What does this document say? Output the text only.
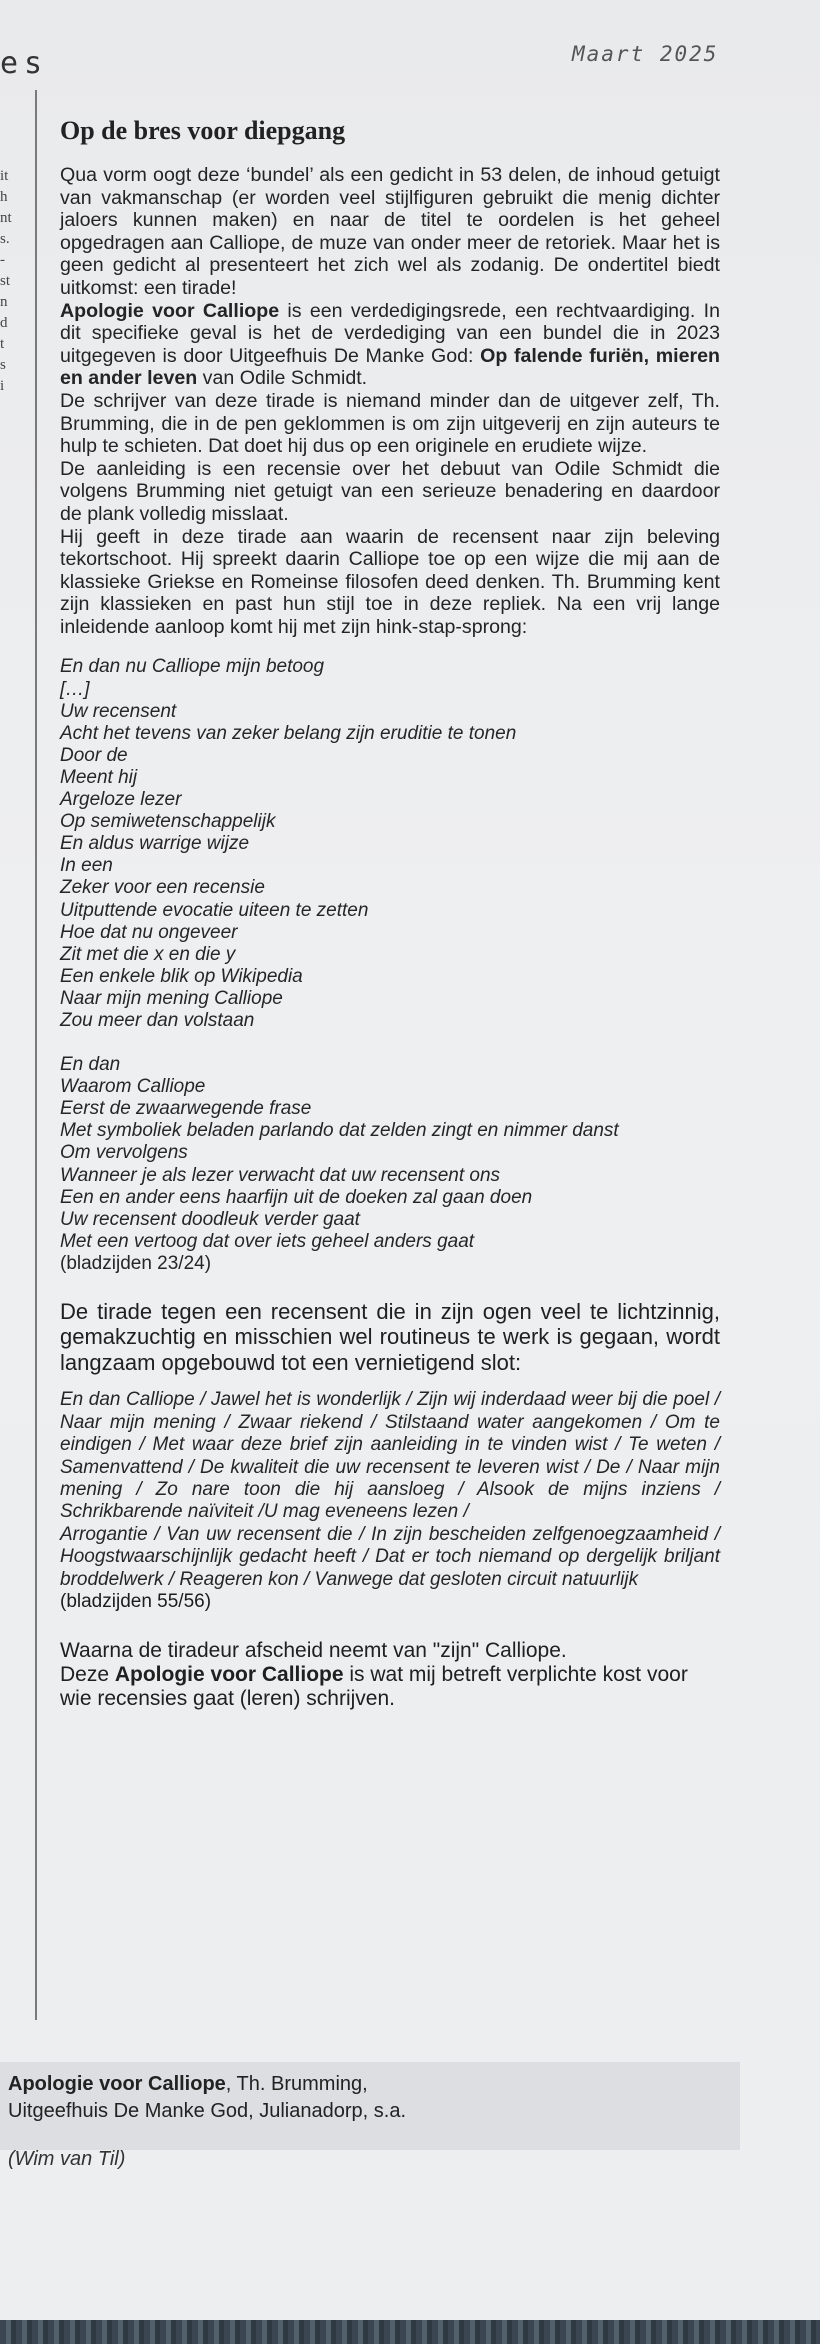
es	Maart 2025
it
h
nt
s.
-
st
n
d
t
s
i
Op de bres voor diepgang

Qua vorm oogt deze ‘bundel’ als een gedicht in 53 delen, de inhoud getuigt van vakmanschap (er worden veel stijlfiguren gebruikt die menig dichter jaloers kunnen maken) en naar de titel te oordelen is het geheel opgedragen aan Calliope, de muze van onder meer de retoriek. Maar het is geen gedicht al presenteert het zich wel als zodanig. De ondertitel biedt uitkomst: een tirade!

Apologie voor Calliope is een verdedigingsrede, een rechtvaardiging. In dit specifieke geval is het de verdediging van een bundel die in 2023 uitgegeven is door Uitgeefhuis De Manke God: Op falende furiën, mieren en ander leven van Odile Schmidt.

De schrijver van deze tirade is niemand minder dan de uitgever zelf, Th. Brumming, die in de pen geklommen is om zijn uitgeverij en zijn auteurs te hulp te schieten. Dat doet hij dus op een originele en erudiete wijze.

De aanleiding is een recensie over het debuut van Odile Schmidt die volgens Brumming niet getuigt van een serieuze benadering en daardoor de plank volledig misslaat.

Hij geeft in deze tirade aan waarin de recensent naar zijn beleving tekortschoot. Hij spreekt daarin Calliope toe op een wijze die mij aan de klassieke Griekse en Romeinse filosofen deed denken. Th. Brumming kent zijn klassieken en past hun stijl toe in deze repliek. Na een vrij lange inleidende aanloop komt hij met zijn hink-stap-sprong:

En dan nu Calliope mijn betoog
[…]
Uw recensent
Acht het tevens van zeker belang zijn eruditie te tonen
Door de
Meent hij
Argeloze lezer
Op semiwetenschappelijk
En aldus warrige wijze
In een
Zeker voor een recensie
Uitputtende evocatie uiteen te zetten
Hoe dat nu ongeveer
Zit met die x en die y
Een enkele blik op Wikipedia
Naar mijn mening Calliope
Zou meer dan volstaan
En dan
Waarom Calliope
Eerst de zwaarwegende frase
Met symboliek beladen parlando dat zelden zingt en nimmer danst
Om vervolgens
Wanneer je als lezer verwacht dat uw recensent ons
Een en ander eens haarfijn uit de doeken zal gaan doen
Uw recensent doodleuk verder gaat
Met een vertoog dat over iets geheel anders gaat
(bladzijden 23/24)

De tirade tegen een recensent die in zijn ogen veel te lichtzinnig, gemakzuchtig en misschien wel routineus te werk is gegaan, wordt langzaam opgebouwd tot een vernietigend slot:

En dan Calliope / Jawel het is wonderlijk / Zijn wij inderdaad weer bij die poel / Naar mijn mening / Zwaar riekend / Stilstaand water aangekomen / Om te eindigen / Met waar deze brief zijn aanleiding in te vinden wist / Te weten / Samenvattend / De kwaliteit die uw recensent te leveren wist / De / Naar mijn mening / Zo nare toon die hij aansloeg / Alsook de mijns inziens / Schrikbarende naïviteit /U mag eveneens lezen /

Arrogantie / Van uw recensent die / In zijn bescheiden zelfgenoegzaamheid / Hoogstwaarschijnlijk gedacht heeft / Dat er toch niemand op dergelijk briljant broddelwerk / Reageren kon / Vanwege dat gesloten circuit natuurlijk

(bladzijden 55/56)

Waarna de tiradeur afscheid neemt van "zijn" Calliope.
Deze Apologie voor Calliope is wat mij betreft verplichte kost voor wie recensies gaat (leren) schrijven.

Apologie voor Calliope, Th. Brumming,
Uitgeefhuis De Manke God, Julianadorp, s.a.
(Wim van Til)
